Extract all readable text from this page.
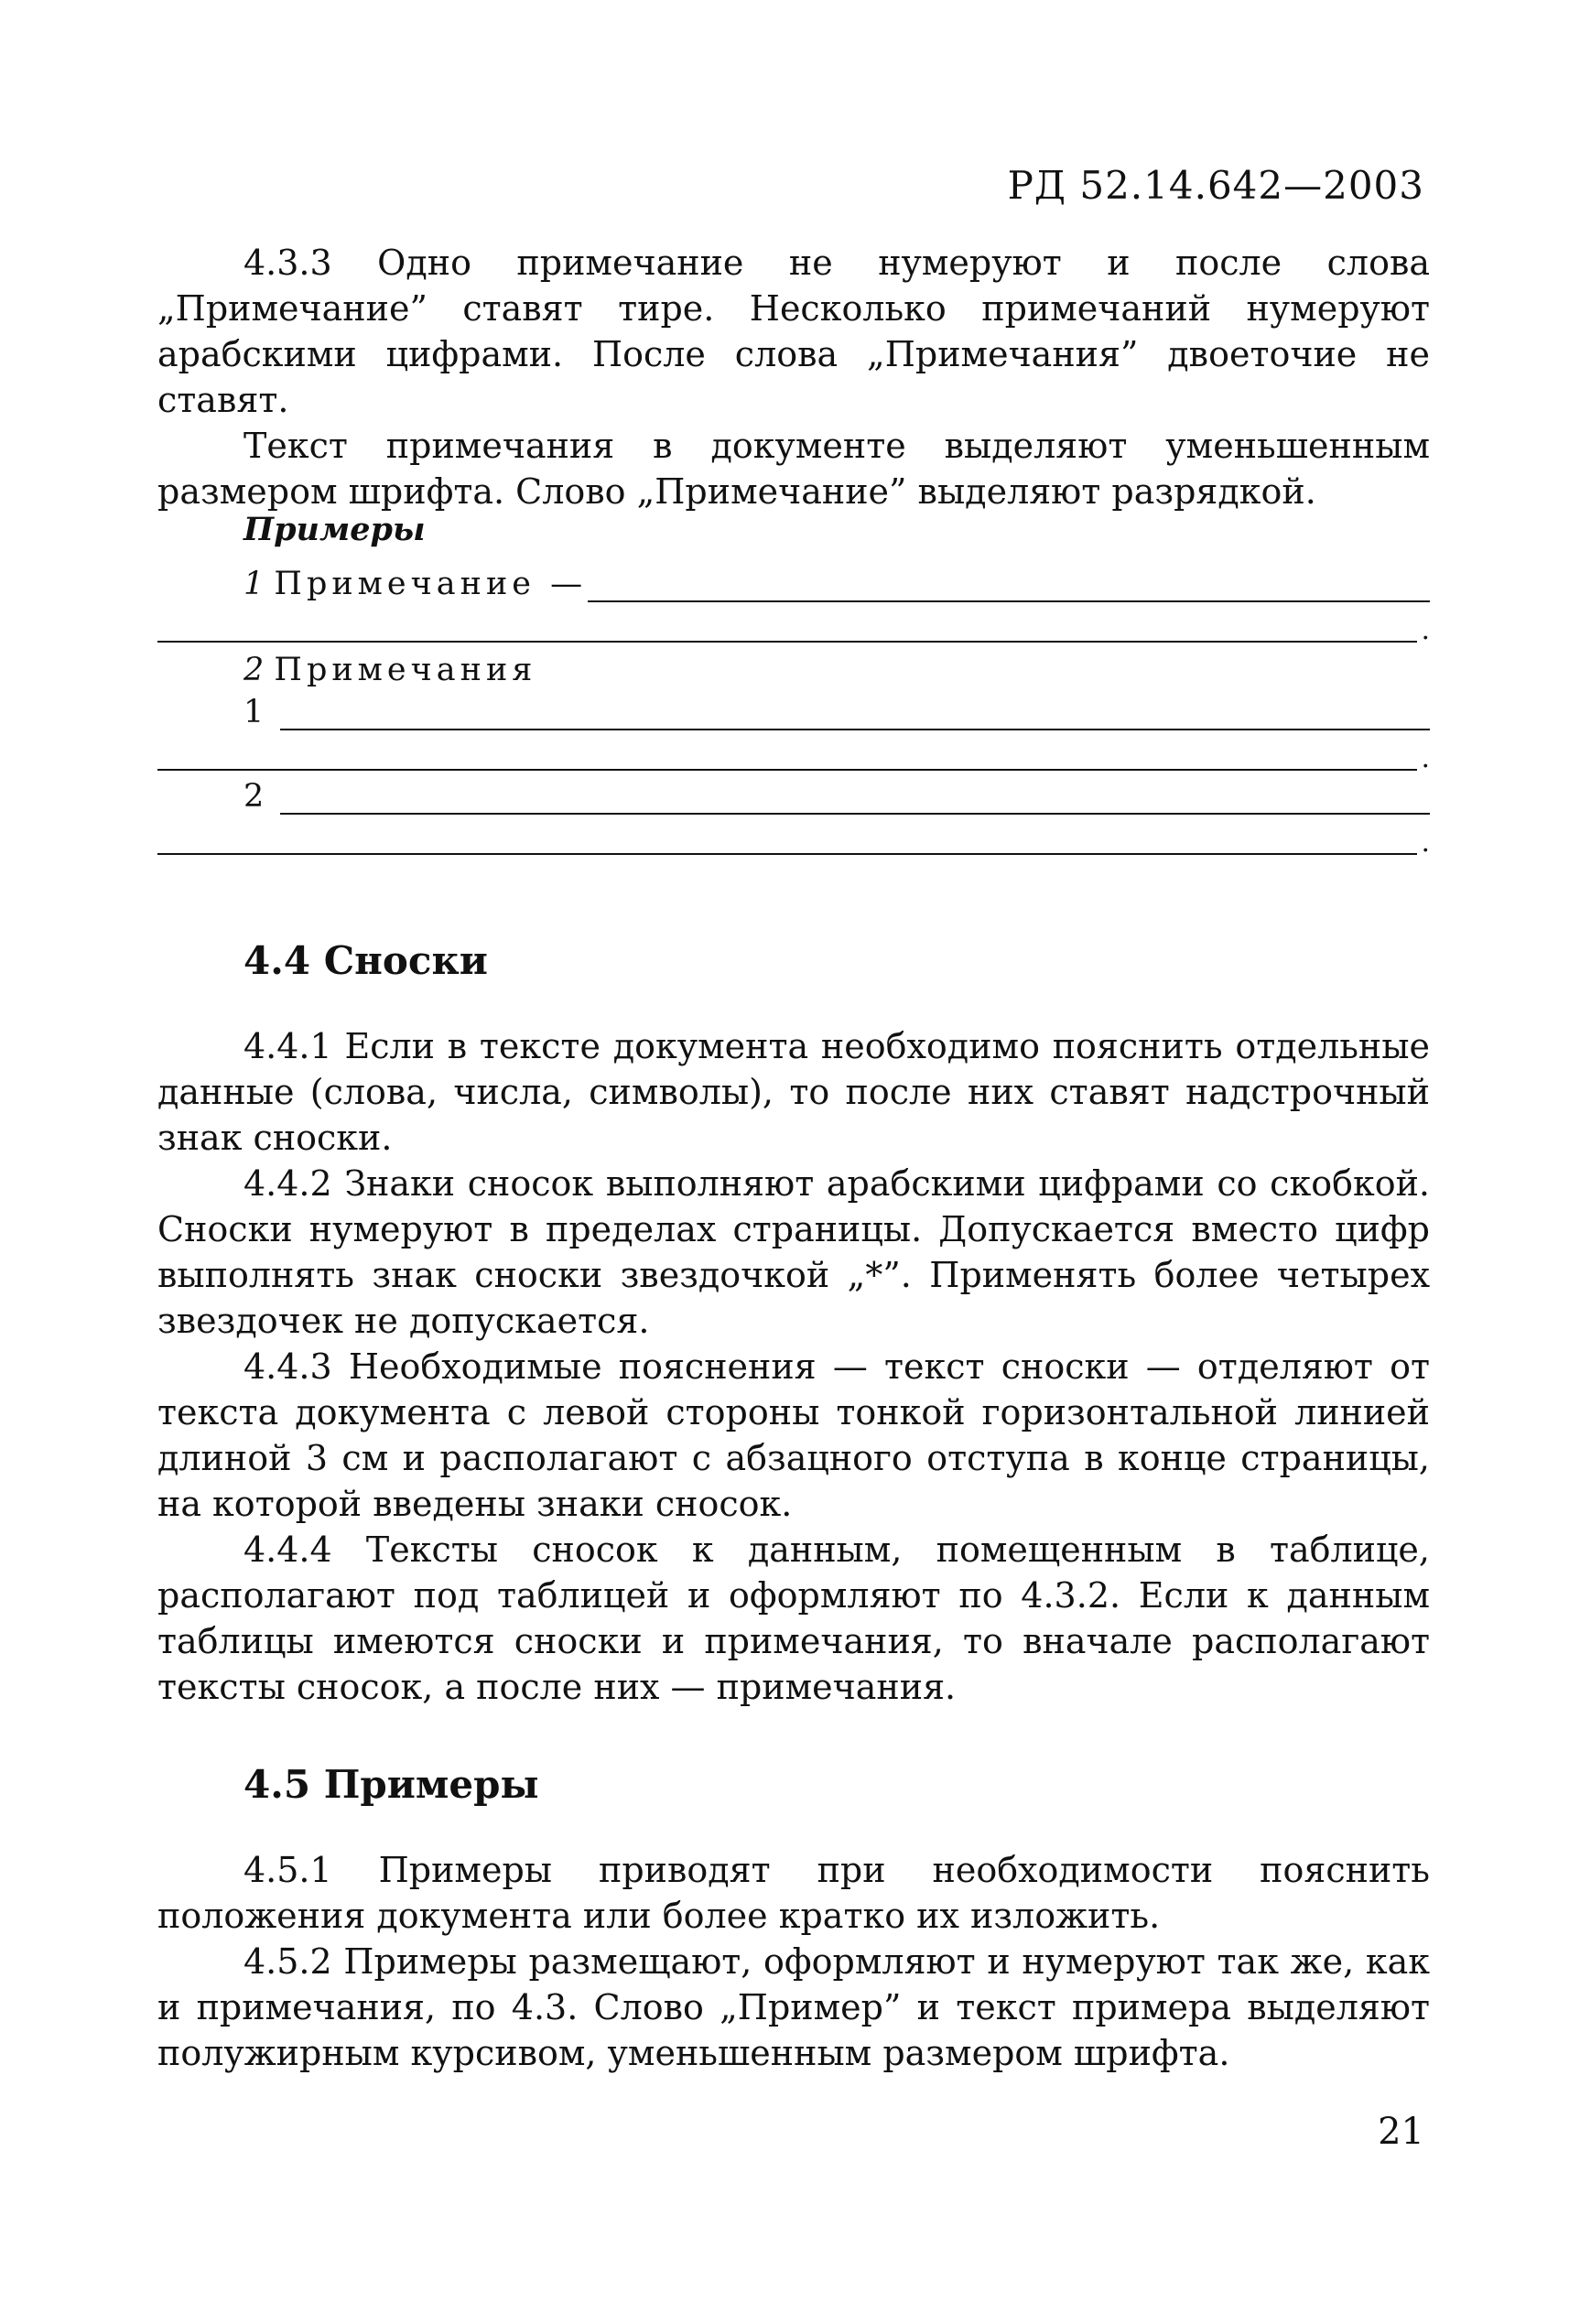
РД 52.14.642—2003

4.3.3 Одно примечание не нумеруют и после слова „Примечание” ставят тире. Несколько примечаний нумеруют арабскими цифрами. После слова „Примечания” двоеточие не ставят.

Текст примечания в документе выделяют уменьшенным размером шрифта. Слово „Примечание” выделяют разрядкой.

Примеры
1 Примечание —
.
2 Примечания
1
.
2
.
4.4 Сноски

4.4.1 Если в тексте документа необходимо пояснить отдельные данные (слова, числа, символы), то после них ставят надстрочный знак сноски.

4.4.2 Знаки сносок выполняют арабскими цифрами со скобкой. Сноски нумеруют в пределах страницы. Допускается вместо цифр выполнять знак сноски звездочкой „*”. Применять более четырех звездочек не допускается.

4.4.3 Необходимые пояснения — текст сноски — отделяют от текста документа с левой стороны тонкой горизонтальной линией длиной 3 см и располагают с абзацного отступа в конце страницы, на которой введены знаки сносок.

4.4.4 Тексты сносок к данным, помещенным в таблице, располагают под таблицей и оформляют по 4.3.2. Если к данным таблицы имеются сноски и примечания, то вначале располагают тексты сносок, а после них — примечания.

4.5 Примеры

4.5.1 Примеры приводят при необходимости пояснить положения документа или более кратко их изложить.

4.5.2 Примеры размещают, оформляют и нумеруют так же, как и примечания, по 4.3. Слово „Пример” и текст примера выделяют полужирным курсивом, уменьшенным размером шрифта.

21
